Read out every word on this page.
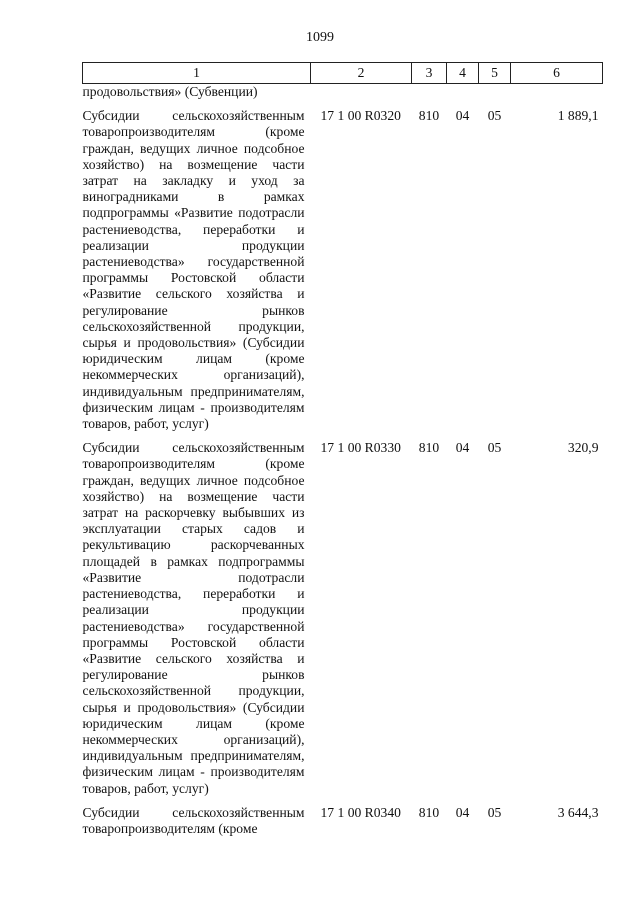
1099
1	2	3	4	5	6
продовольствия» (Субвенции)					
Субсидии сельскохозяйственным товаропроизводителям (кроме граждан, ведущих личное подсобное хозяйство) на возмещение части затрат на закладку и уход за виноградниками в рамках подпрограммы «Развитие подотрасли растениеводства, переработки и реализации продукции растениеводства» государственной программы Ростовской области «Развитие сельского хозяйства и регулирование рынков сельскохозяйственной продукции, сырья и продовольствия» (Субсидии юридическим лицам (кроме некоммерческих организаций), индивидуальным предпринимателям, физическим лицам - производителям товаров, работ, услуг)	17 1 00 R0320	810	04	05	1 889,1
Субсидии сельскохозяйственным товаропроизводителям (кроме граждан, ведущих личное подсобное хозяйство) на возмещение части затрат на раскорчевку выбывших из эксплуатации старых садов и рекультивацию раскорчеванных площадей в рамках подпрограммы «Развитие подотрасли растениеводства, переработки и реализации продукции растениеводства» государственной программы Ростовской области «Развитие сельского хозяйства и регулирование рынков сельскохозяйственной продукции, сырья и продовольствия» (Субсидии юридическим лицам (кроме некоммерческих организаций), индивидуальным предпринимателям, физическим лицам - производителям товаров, работ, услуг)	17 1 00 R0330	810	04	05	320,9
Субсидии сельскохозяйственным товаропроизводителям (кроме	17 1 00 R0340	810	04	05	3 644,3
